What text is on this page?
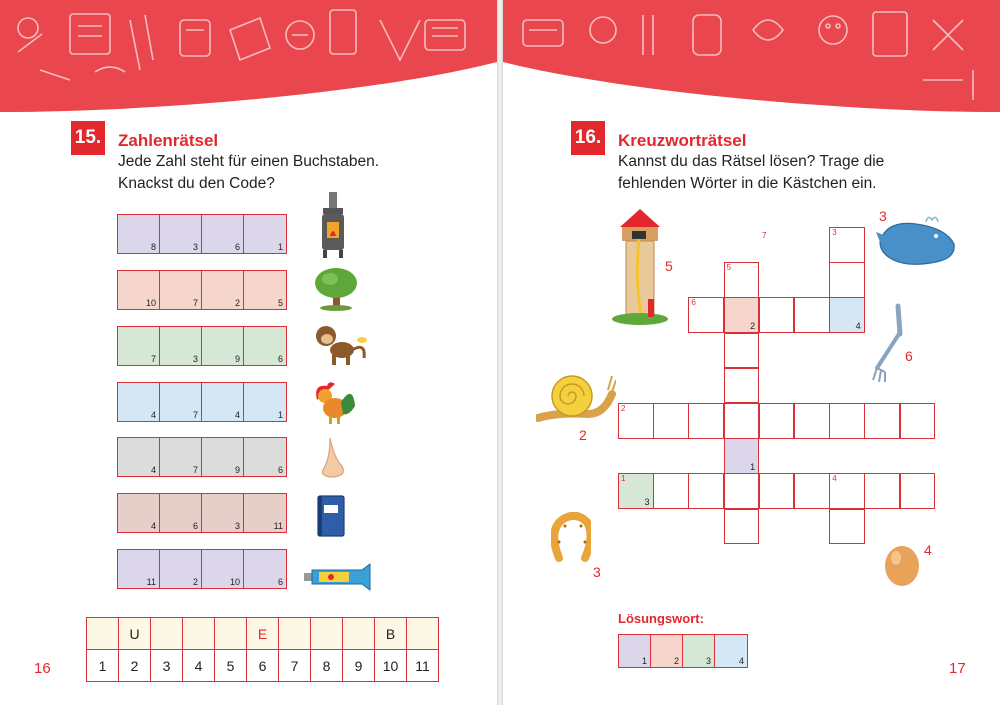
15. Zahlenrätsel
Jede Zahl steht für einen Buchstaben.
Knackst du den Code?
8	3	6	1
10	7	2	5
7	3	9	6
4	7	4	1
4	7	9	6
4	6	3	11
11	2	10	6
	U				E				B	
1	2	3	4	5	6	7	8	9	10	11
16
16. Kreuzworträtsel
Kannst du das Rätsel lösen? Trage die
fehlenden Wörter in die Kästchen ein.
5
3
6
2
3
4
7	3
4
5
6
2
2
1
1
3
4
Lösungswort:
1	2	3	4	17
